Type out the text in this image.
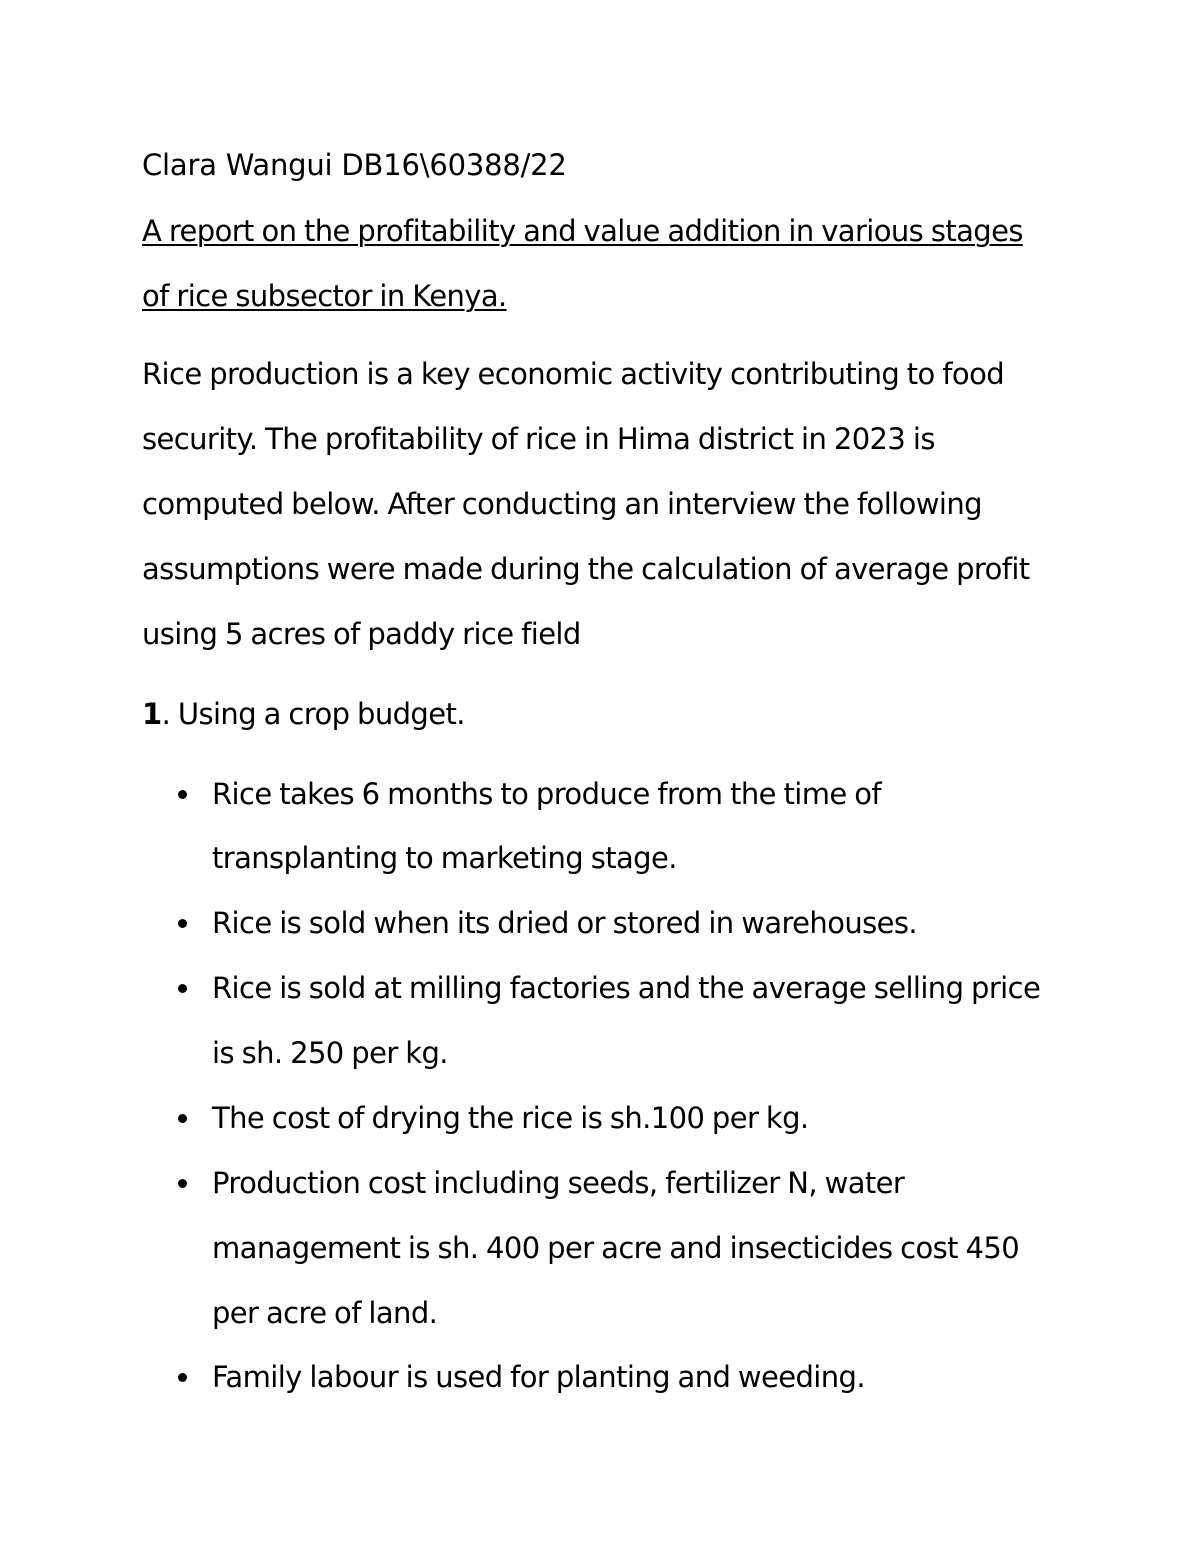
Clara Wangui DB16\60388/22
A report on the profitability and value addition in various stages
of rice subsector in Kenya.
Rice production is a key economic activity contributing to food
security. The profitability of rice in Hima district in 2023 is
computed below. After conducting an interview the following
assumptions were made during the calculation of average profit
using 5 acres of paddy rice field
1. Using a crop budget.
Rice takes 6 months to produce from the time of
transplanting to marketing stage.
Rice is sold when its dried or stored in warehouses.
Rice is sold at milling factories and the average selling price
is sh. 250 per kg.
The cost of drying the rice is sh.100 per kg.
Production cost including seeds, fertilizer N, water
management is sh. 400 per acre and insecticides cost 450
per acre of land.
Family labour is used for planting and weeding.
